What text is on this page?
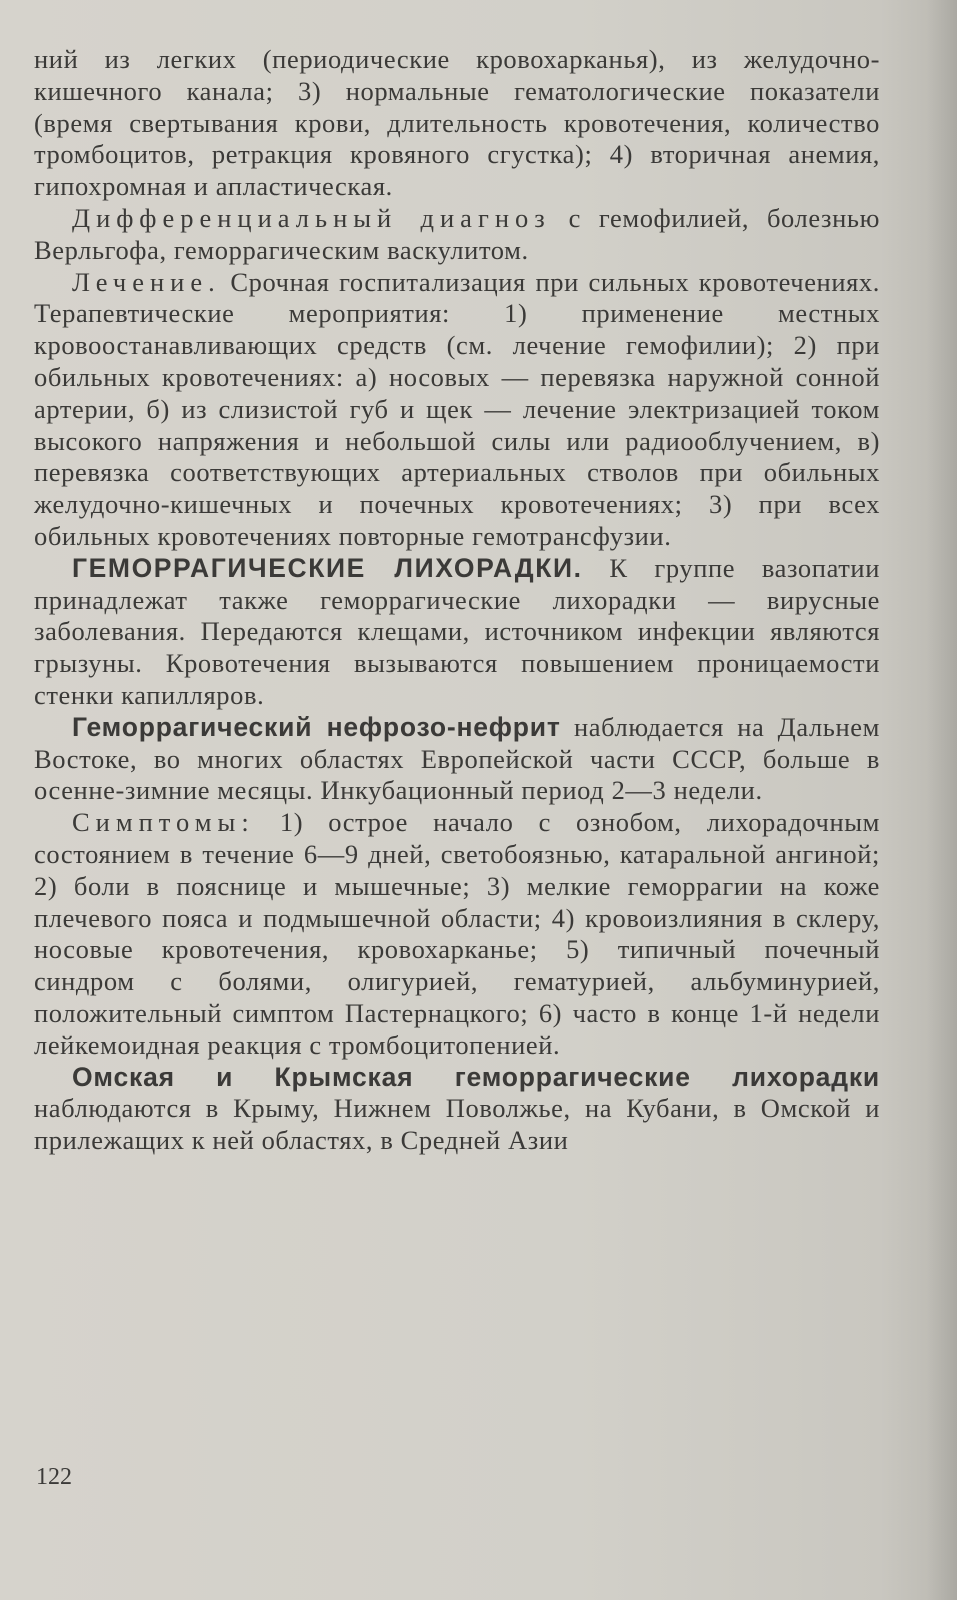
ний из легких (периодические кровохарканья), из желудочно-кишечного канала; 3) нормальные гематологические показатели (время свертывания крови, длительность кровотечения, количество тромбоцитов, ретракция кровяного сгустка); 4) вторичная анемия, гипохромная и апластическая.

Дифференциальный диагноз с гемофилией, болезнью Верльгофа, геморрагическим васкулитом.

Лечение. Срочная госпитализация при сильных кровотечениях. Терапевтические мероприятия: 1) применение местных кровоостанавливающих средств (см. лечение гемофилии); 2) при обильных кровотечениях: а) носовых — перевязка наружной сонной артерии, б) из слизистой губ и щек — лечение электризацией током высокого напряжения и небольшой силы или радиооблучением, в) перевязка соответствующих артериальных стволов при обильных желудочно-кишечных и почечных кровотечениях; 3) при всех обильных кровотечениях повторные гемотрансфузии.

ГЕМОРРАГИЧЕСКИЕ ЛИХОРАДКИ. К группе вазопатии принадлежат также геморрагические лихорадки — вирусные заболевания. Передаются клещами, источником инфекции являются грызуны. Кровотечения вызываются повышением проницаемости стенки капилляров.

Геморрагический нефрозо-нефрит наблюдается на Дальнем Востоке, во многих областях Европейской части СССР, больше в осенне-зимние месяцы. Инкубационный период 2—3 недели.

Симптомы: 1) острое начало с ознобом, лихорадочным состоянием в течение 6—9 дней, светобоязнью, катаральной ангиной; 2) боли в пояснице и мышечные; 3) мелкие геморрагии на коже плечевого пояса и подмышечной области; 4) кровоизлияния в склеру, носовые кровотечения, кровохарканье; 5) типичный почечный синдром с болями, олигурией, гематурией, альбуминурией, положительный симптом Пастернацкого; 6) часто в конце 1-й недели лейкемоидная реакция с тромбоцитопенией.

Омская и Крымская геморрагические лихорадки наблюдаются в Крыму, Нижнем Поволжье, на Кубани, в Омской и прилежащих к ней областях, в Средней Азии

122
